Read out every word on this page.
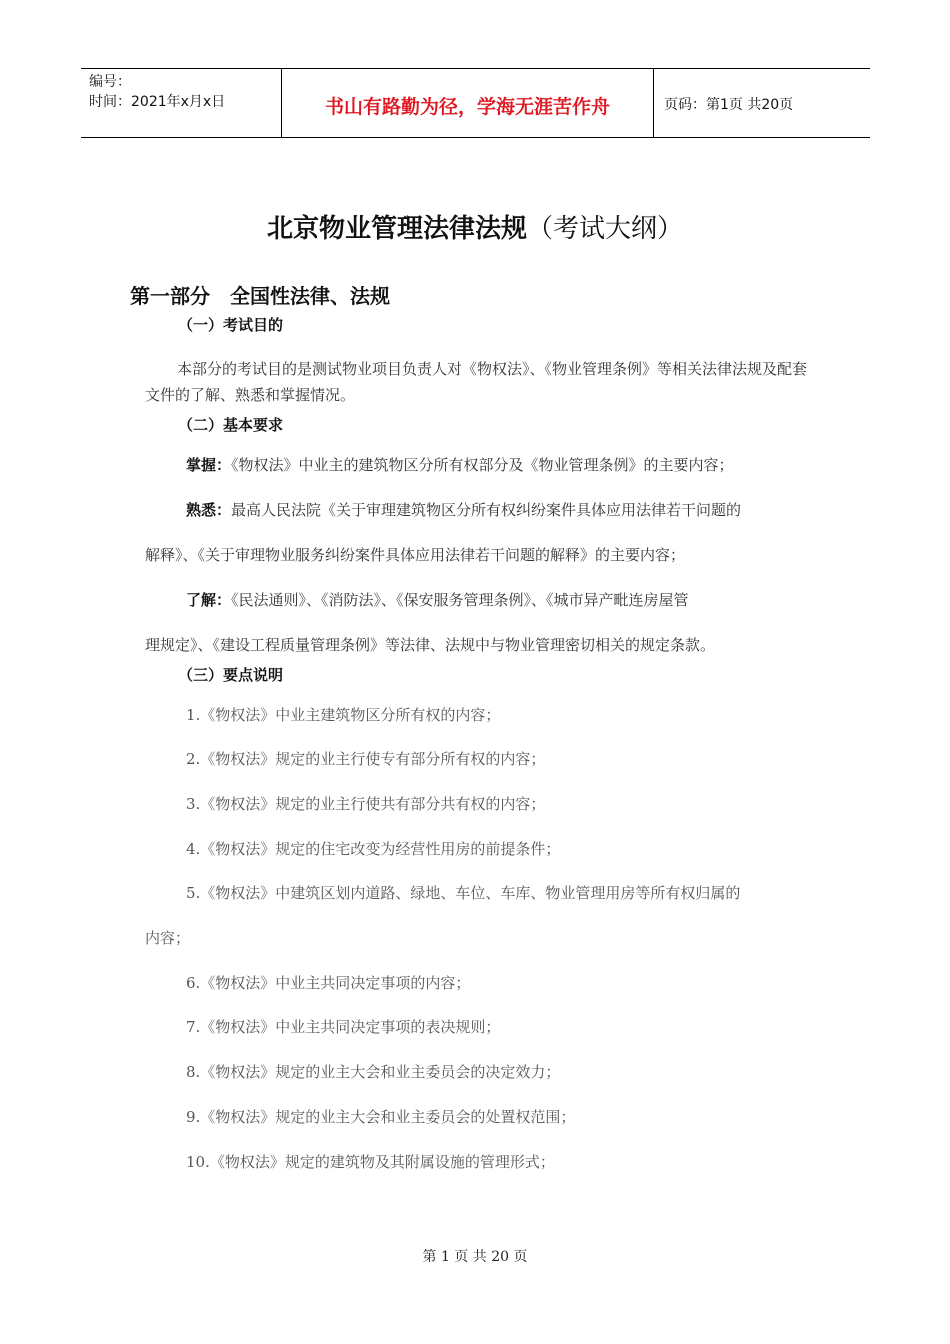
编号：
时间：2021年x月x日	书山有路勤为径，学海无涯苦作舟	页码：第1页 共20页
北京物业管理法律法规（考试大纲）
第一部分　全国性法律、法规
（一）考试目的
本部分的考试目的是测试物业项目负责人对《物权法》、《物业管理条例》等相关法律法规及配套文件的了解、熟悉和掌握情况。
（二）基本要求
掌握：《物权法》中业主的建筑物区分所有权部分及《物业管理条例》的主要内容；
熟悉：最高人民法院《关于审理建筑物区分所有权纠纷案件具体应用法律若干问题的
解释》、《关于审理物业服务纠纷案件具体应用法律若干问题的解释》的主要内容；
了解：《民法通则》、《消防法》、《保安服务管理条例》、《城市异产毗连房屋管
理规定》、《建设工程质量管理条例》等法律、法规中与物业管理密切相关的规定条款。
（三）要点说明
1.《物权法》中业主建筑物区分所有权的内容；
2.《物权法》规定的业主行使专有部分所有权的内容；
3.《物权法》规定的业主行使共有部分共有权的内容；
4.《物权法》规定的住宅改变为经营性用房的前提条件；
5.《物权法》中建筑区划内道路、绿地、车位、车库、物业管理用房等所有权归属的
内容；
6.《物权法》中业主共同决定事项的内容；
7.《物权法》中业主共同决定事项的表决规则；
8.《物权法》规定的业主大会和业主委员会的决定效力；
9.《物权法》规定的业主大会和业主委员会的处置权范围；
10.《物权法》规定的建筑物及其附属设施的管理形式；
第 1 页 共 20 页
